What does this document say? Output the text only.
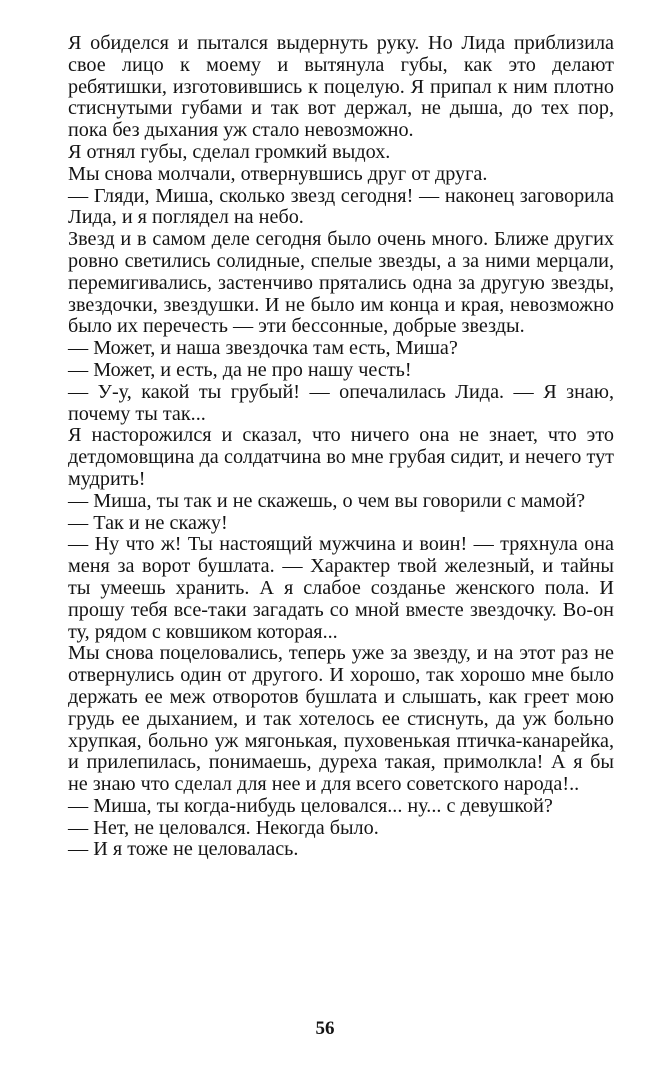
Я обиделся и пытался выдернуть руку. Но Лида приблизила свое лицо к моему и вытянула губы, как это делают ребятишки, изготовившись к поцелую. Я припал к ним плотно стиснутыми губами и так вот держал, не дыша, до тех пор, пока без дыхания уж стало невозможно.

Я отнял губы, сделал громкий выдох.

Мы снова молчали, отвернувшись друг от друга.

— Гляди, Миша, сколько звезд сегодня! — наконец заговорила Лида, и я поглядел на небо.

Звезд и в самом деле сегодня было очень много. Ближе других ровно светились солидные, спелые звезды, а за ними мерцали, перемигивались, застенчиво прятались одна за другую звезды, звездочки, звездушки. И не было им конца и края, невозможно было их перечесть — эти бессонные, добрые звезды.

— Может, и наша звездочка там есть, Миша?

— Может, и есть, да не про нашу честь!

— У-у, какой ты грубый! — опечалилась Лида. — Я знаю, почему ты так...

Я насторожился и сказал, что ничего она не знает, что это детдомовщина да солдатчина во мне грубая сидит, и нечего тут мудрить!

— Миша, ты так и не скажешь, о чем вы говорили с мамой?

— Так и не скажу!

— Ну что ж! Ты настоящий мужчина и воин! — тряхнула она меня за ворот бушлата. — Характер твой железный, и тайны ты умеешь хранить. А я слабое созданье женского пола. И прошу тебя все-таки загадать со мной вместе звездочку. Во-он ту, рядом с ковшиком которая...

Мы снова поцеловались, теперь уже за звезду, и на этот раз не отвернулись один от другого. И хорошо, так хорошо мне было держать ее меж отворотов бушлата и слышать, как греет мою грудь ее дыханием, и так хотелось ее стиснуть, да уж больно хрупкая, больно уж мягонькая, пуховенькая птичка-канарейка, и прилепилась, понимаешь, дуреха такая, примолкла! А я бы не знаю что сделал для нее и для всего советского народа!..

— Миша, ты когда-нибудь целовался... ну... с девушкой?

— Нет, не целовался. Некогда было.

— И я тоже не целовалась.

56
